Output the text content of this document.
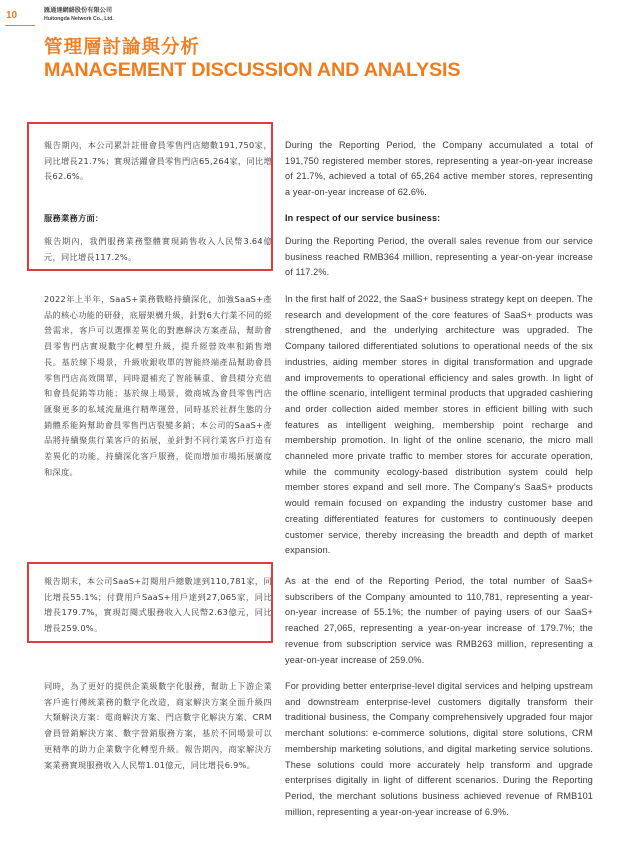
10	匯通達網絡股份有限公司
Huitongda Network Co., Ltd.
管理層討論與分析
MANAGEMENT DISCUSSION AND ANALYSIS
報告期內，本公司累計註冊會員零售門店總數191,750家，同比增長21.7%；實現活躍會員零售門店65,264家，同比增長62.6%。
During the Reporting Period, the Company accumulated a total of 191,750 registered member stores, representing a year-on-year increase of 21.7%, achieved a total of 65,264 active member stores, representing a year-on-year increase of 62.6%.
服務業務方面：	In respect of our service business:
報告期內，我們服務業務整體實現銷售收入人民幣3.64億元，同比增長117.2%。
During the Reporting Period, the overall sales revenue from our service business reached RMB364 million, representing a year-on-year increase of 117.2%.
2022年上半年，SaaS+業務戰略持續深化，加強SaaS+產品的核心功能的研發，底層架構升級，針對6大行業不同的經營需求，客戶可以選擇差異化的對應解決方案產品，幫助會員零售門店實現數字化轉型升級，提升經營效率和銷售增長。基於線下場景，升級收銀收單的智能終端產品幫助會員零售門店高效開單，同時還補充了智能稱重、會員積分充值和會員促銷等功能；基於線上場景，微商城為會員零售門店匯聚更多的私域流量進行精準運營，同時基於社群生態的分銷體系能夠幫助會員零售門店裂變多銷；本公司的SaaS+產品將持續聚焦行業客戶的拓展，並針對不同行業客戶打造有差異化的功能，持續深化客戶服務，從而增加市場拓展廣度和深度。
In the first half of 2022, the SaaS+ business strategy kept on deepen. The research and development of the core features of SaaS+ products was strengthened, and the underlying architecture was upgraded. The Company tailored differentiated solutions to operational needs of the six industries, aiding member stores in digital transformation and upgrade and improvements to operational efficiency and sales growth. In light of the offline scenario, intelligent terminal products that upgraded cashiering and order collection aided member stores in efficient billing with such features as intelligent weighing, membership point recharge and membership promotion. In light of the online scenario, the micro mall channeled more private traffic to member stores for accurate operation, while the community ecology-based distribution system could help member stores expand and sell more. The Company’s SaaS+ products would remain focused on expanding the industry customer base and creating differentiated features for customers to continuously deepen customer service, thereby increasing the breadth and depth of market expansion.
報告期末，本公司SaaS+訂閱用戶總數達到110,781家，同比增長55.1%；付費用戶SaaS+用戶達到27,065家，同比增長179.7%，實現訂閱式服務收入人民幣2.63億元，同比增長259.0%。
As at the end of the Reporting Period, the total number of SaaS+ subscribers of the Company amounted to 110,781, representing a year-on-year increase of 55.1%; the number of paying users of our SaaS+ reached 27,065, representing a year-on-year increase of 179.7%; the revenue from subscription service was RMB263 million, representing a year-on-year increase of 259.0%.
同時，為了更好的提供企業級數字化服務，幫助上下游企業客戶進行傳統業務的數字化改造，商家解決方案全面升級四大類解決方案：電商解決方案、門店數字化解決方案、CRM會員營銷解決方案、數字營銷服務方案，基於不同場景可以更精準的助力企業數字化轉型升級。報告期內，商家解決方案業務實現服務收入人民幣1.01億元，同比增長6.9%。
For providing better enterprise-level digital services and helping upstream and downstream enterprise-level customers digitally transform their traditional business, the Company comprehensively upgraded four major merchant solutions: e-commerce solutions, digital store solutions, CRM membership marketing solutions, and digital marketing service solutions. These solutions could more accurately help transform and upgrade enterprises digitally in light of different scenarios. During the Reporting Period, the merchant solutions business achieved revenue of RMB101 million, representing a year-on-year increase of 6.9%.
